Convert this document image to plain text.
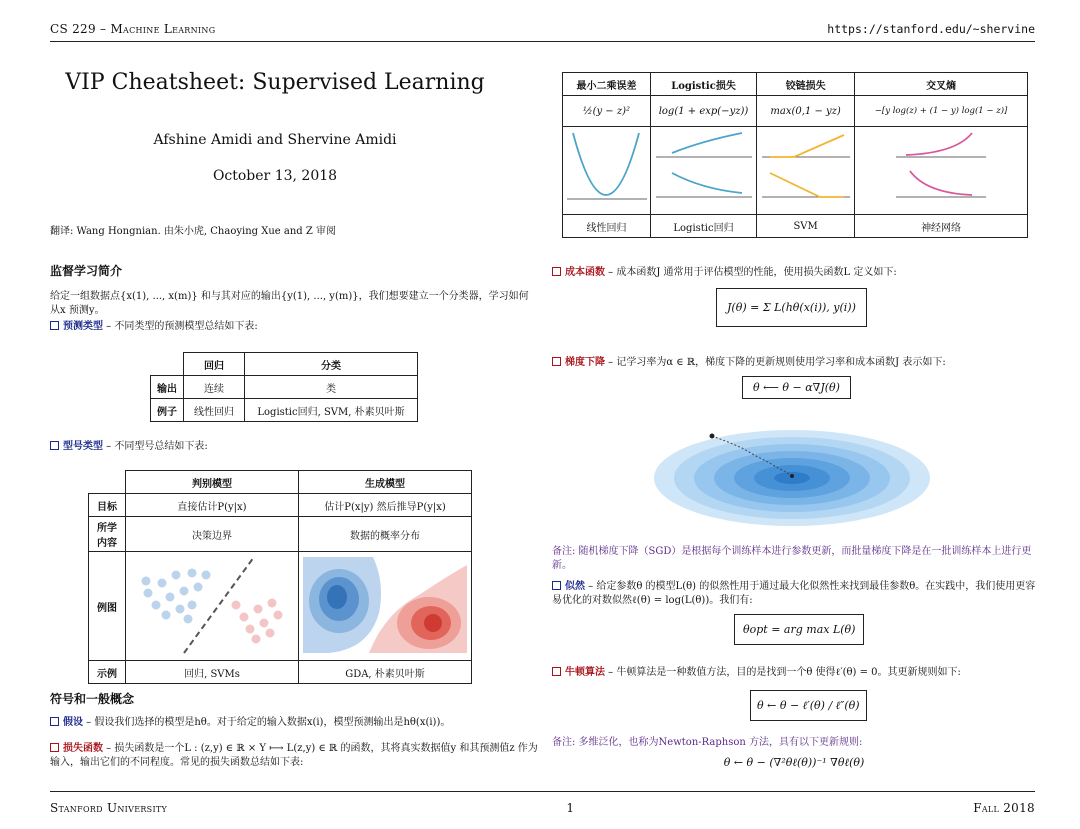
CS 229 – Machine Learning	https://stanford.edu/~shervine
VIP Cheatsheet: Supervised Learning
Afshine Amidi and Shervine Amidi
October 13, 2018
翻译: Wang Hongnian. 由朱小虎, Chaoying Xue and Z 审阅
监督学习简介
给定一组数据点{x(1), ..., x(m)} 和与其对应的输出{y(1), ..., y(m)}，我们想要建立一个分类器，学习如何从x 预测y。
预测类型 – 不同类型的预测模型总结如下表:
	回归	分类
输出	连续	类
例子	线性回归	Logistic回归, SVM, 朴素贝叶斯
型号类型 – 不同型号总结如下表:
	判别模型	生成模型
目标	直接估计P(y|x)	估计P(x|y) 然后推导P(y|x)
所学内容	决策边界	数据的概率分布
例图		
示例	回归, SVMs	GDA, 朴素贝叶斯
符号和一般概念
假设 – 假设我们选择的模型是hθ。对于给定的输入数据x(i)，模型预测输出是hθ(x(i))。
损失函数 – 损失函数是一个L : (z,y) ∈ ℝ × Y ⟼ L(z,y) ∈ ℝ 的函数，其将真实数据值y 和其预测值z 作为输入，输出它们的不同程度。常见的损失函数总结如下表:
最小二乘误差	Logistic损失	铰链损失	交叉熵
½(y − z)²	log(1 + exp(−yz))	max(0,1 − yz)	−[y log(z) + (1 − y) log(1 − z)]

线性回归	Logistic回归	SVM	神经网络
成本函数 – 成本函数J 通常用于评估模型的性能，使用损失函数L 定义如下:
J(θ) = Σ L(hθ(x(i)), y(i))
梯度下降 – 记学习率为α ∈ ℝ，梯度下降的更新规则使用学习率和成本函数J 表示如下:
θ ⟵ θ − α∇J(θ)
备注: 随机梯度下降（SGD）是根据每个训练样本进行参数更新，而批量梯度下降是在一批训练样本上进行更新。
似然 – 给定参数θ 的模型L(θ) 的似然性用于通过最大化似然性来找到最佳参数θ。在实践中，我们使用更容易优化的对数似然ℓ(θ) = log(L(θ))。我们有:
θopt = arg max L(θ)
牛顿算法 – 牛顿算法是一种数值方法，目的是找到一个θ 使得ℓ′(θ) = 0。其更新规则如下:
θ ← θ − ℓ′(θ) / ℓ″(θ)
备注: 多维泛化，也称为Newton-Raphson 方法，具有以下更新规则:
θ ← θ − (∇²θℓ(θ))⁻¹ ∇θℓ(θ)
Stanford University	1	Fall 2018
